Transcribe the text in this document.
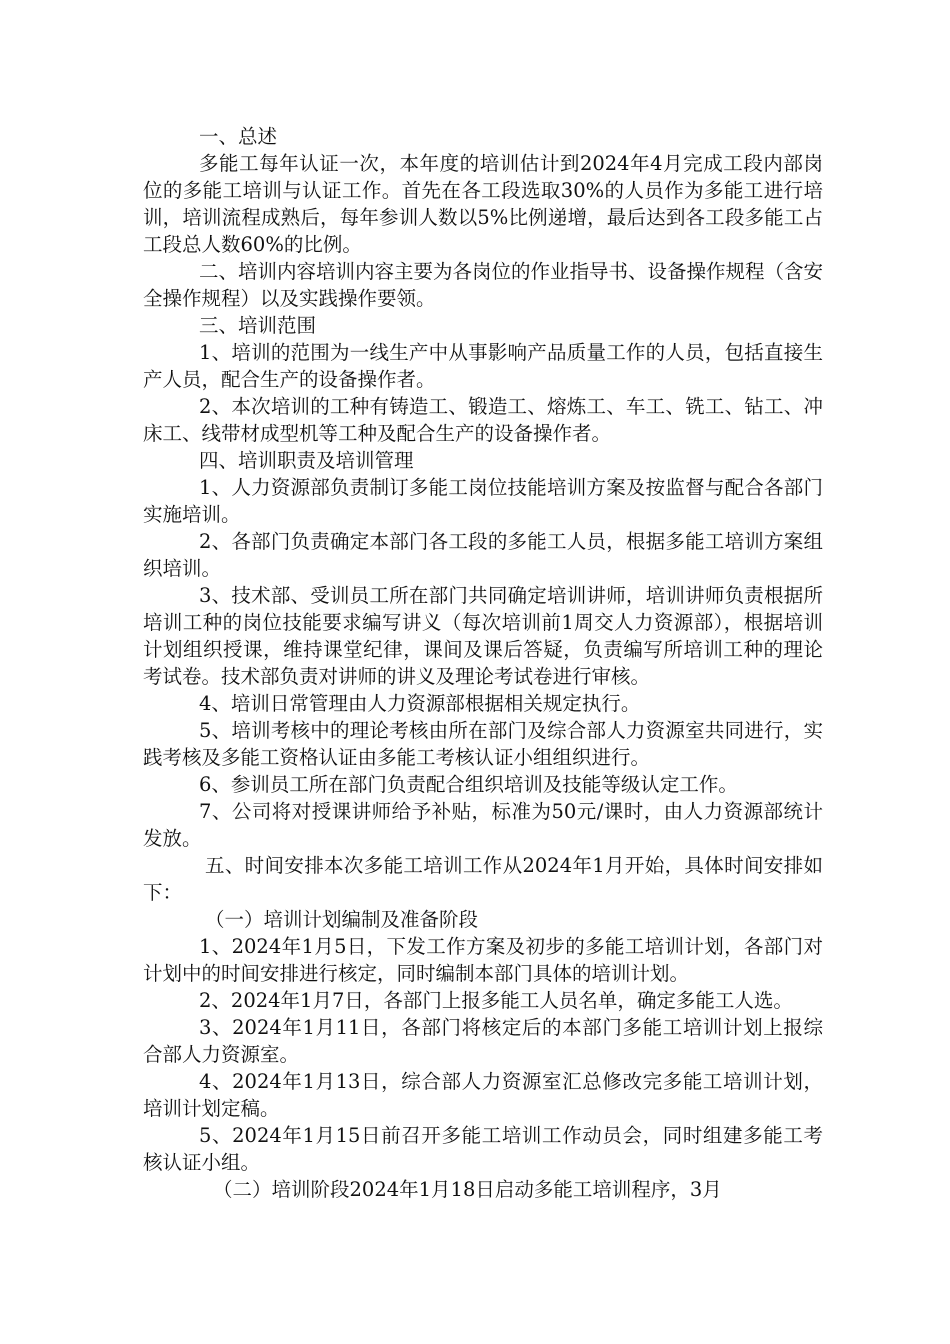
一、总述

多能工每年认证一次，本年度的培训估计到2024年4月完成工段内部岗位的多能工培训与认证工作。首先在各工段选取30%的人员作为多能工进行培训，培训流程成熟后，每年参训人数以5%比例递增，最后达到各工段多能工占工段总人数60%的比例。

二、培训内容培训内容主要为各岗位的作业指导书、设备操作规程（含安全操作规程）以及实践操作要领。

三、培训范围

1、培训的范围为一线生产中从事影响产品质量工作的人员，包括直接生产人员，配合生产的设备操作者。

2、本次培训的工种有铸造工、锻造工、熔炼工、车工、铣工、钻工、冲床工、线带材成型机等工种及配合生产的设备操作者。

四、培训职责及培训管理

1、人力资源部负责制订多能工岗位技能培训方案及按监督与配合各部门实施培训。

2、各部门负责确定本部门各工段的多能工人员，根据多能工培训方案组织培训。

3、技术部、受训员工所在部门共同确定培训讲师，培训讲师负责根据所培训工种的岗位技能要求编写讲义（每次培训前1周交人力资源部），根据培训计划组织授课，维持课堂纪律，课间及课后答疑，负责编写所培训工种的理论考试卷。技术部负责对讲师的讲义及理论考试卷进行审核。

4、培训日常管理由人力资源部根据相关规定执行。

5、培训考核中的理论考核由所在部门及综合部人力资源室共同进行，实践考核及多能工资格认证由多能工考核认证小组组织进行。

6、参训员工所在部门负责配合组织培训及技能等级认定工作。

7、公司将对授课讲师给予补贴，标准为50元/课时，由人力资源部统计发放。

五、时间安排本次多能工培训工作从2024年1月开始，具体时间安排如下：

（一）培训计划编制及准备阶段

1、2024年1月5日，下发工作方案及初步的多能工培训计划，各部门对计划中的时间安排进行核定，同时编制本部门具体的培训计划。

2、2024年1月7日，各部门上报多能工人员名单，确定多能工人选。

3、2024年1月11日，各部门将核定后的本部门多能工培训计划上报综合部人力资源室。

4、2024年1月13日，综合部人力资源室汇总修改完多能工培训计划，培训计划定稿。

5、2024年1月15日前召开多能工培训工作动员会，同时组建多能工考核认证小组。

（二）培训阶段2024年1月18日启动多能工培训程序，3月
